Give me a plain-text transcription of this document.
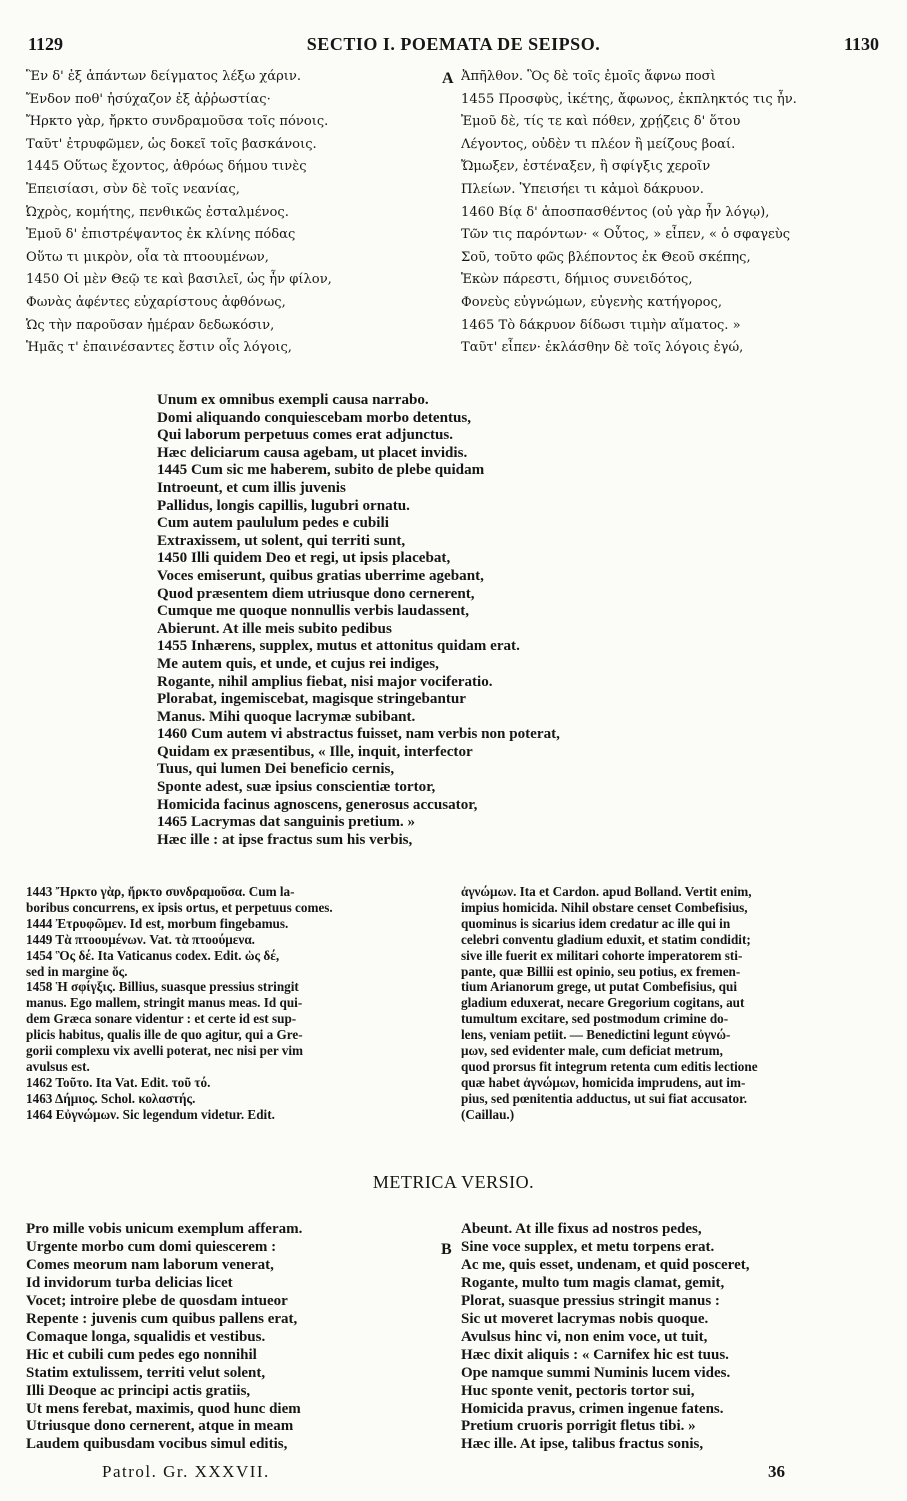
1129	SECTIO I. POEMATA DE SEIPSO.	1130
Ἓν δ' ἐξ ἁπάντων δείγματος λέξω χάριν.
Ἔνδον ποθ' ἡσύχαζον ἐξ ἀῤῥωστίας·
Ἤρκτο γὰρ, ἤρκτο συνδραμοῦσα τοῖς πόνοις.
Ταῦτ' ἐτρυφῶμεν, ὡς δοκεῖ τοῖς βασκάνοις.
1445 Οὕτως ἔχοντος, ἀθρόως δήμου τινὲς
Ἐπεισίασι, σὺν δὲ τοῖς νεανίας,
Ὠχρὸς, κομήτης, πενθικῶς ἐσταλμένος.
Ἐμοῦ δ' ἐπιστρέψαντος ἐκ κλίνης πόδας
Οὕτω τι μικρὸν, οἷα τὰ πτοουμένων,
1450 Οἱ μὲν Θεῷ τε καὶ βασιλεῖ, ὡς ἦν φίλον,
Φωνὰς ἀφέντες εὐχαρίστους ἀφθόνως,
Ὡς τὴν παροῦσαν ἡμέραν δεδωκόσιν,
Ἡμᾶς τ' ἐπαινέσαντες ἔστιν οἷς λόγοις,
A Ἀπῆλθον. Ὃς δὲ τοῖς ἐμοῖς ἄφνω ποσὶ
1455 Προσφὺς, ἱκέτης, ἄφωνος, ἐκπληκτός τις ἦν.
Ἐμοῦ δὲ, τίς τε καὶ πόθεν, χρῄζεις δ' ὅτου
Λέγοντος, οὐδὲν τι πλέον ἢ μείζους βοαί.
Ὤμωξεν, ἐστέναξεν, ἢ σφίγξις χεροῖν
Πλείων. Ὑπεισήει τι κἀμοὶ δάκρυον.
1460 Βίᾳ δ' ἀποσπασθέντος (οὐ γὰρ ἦν λόγῳ),
Τῶν τις παρόντων· « Οὗτος, » εἶπεν, « ὁ σφαγεὺς
Σοῦ, τοῦτο φῶς βλέποντος ἐκ Θεοῦ σκέπης,
Ἑκὼν πάρεστι, δήμιος συνειδότος,
Φονεὺς εὐγνώμων, εὐγενὴς κατήγορος,
1465 Τὸ δάκρυον δίδωσι τιμὴν αἵματος. »
Ταῦτ' εἶπεν· ἐκλάσθην δὲ τοῖς λόγοις ἐγώ,
Unum ex omnibus exempli causa narrabo.
Domi aliquando conquiescebam morbo detentus,
Qui laborum perpetuus comes erat adjunctus.
Hæc deliciarum causa agebam, ut placet invidis.
1445 Cum sic me haberem, subito de plebe quidam
Introeunt, et cum illis juvenis
Pallidus, longis capillis, lugubri ornatu.
Cum autem paululum pedes e cubili
Extraxissem, ut solent, qui territi sunt,
1450 Illi quidem Deo et regi, ut ipsis placebat,
Voces emiserunt, quibus gratias uberrime agebant,
Quod præsentem diem utriusque dono cernerent,
Cumque me quoque nonnullis verbis laudassent,
Abierunt. At ille meis subito pedibus
1455 Inhærens, supplex, mutus et attonitus quidam erat.
Me autem quis, et unde, et cujus rei indiges,
Rogante, nihil amplius fiebat, nisi major vociferatio.
Plorabat, ingemiscebat, magisque stringebantur
Manus. Mihi quoque lacrymæ subibant.
1460 Cum autem vi abstractus fuisset, nam verbis non poterat,
Quidam ex præsentibus, « Ille, inquit, interfector
Tuus, qui lumen Dei beneficio cernis,
Sponte adest, suæ ipsius conscientiæ tortor,
Homicida facinus agnoscens, generosus accusator,
1465 Lacrymas dat sanguinis pretium. »
Hæc ille : at ipse fractus sum his verbis,
1443 Ἤρκτο γὰρ, ἤρκτο συνδραμοῦσα. Cum la-
boribus concurrens, ex ipsis ortus, et perpetuus comes.
1444 Ἐτρυφῶμεν. Id est, morbum fingebamus.
1449 Τὰ πτοουμένων. Vat. τὰ πτοούμενα.
1454 Ὃς δέ. Ita Vaticanus codex. Edit. ὡς δέ,
sed in margine ὅς.
1458 Ἡ σφίγξις. Billius, suasque pressius stringit
manus. Ego mallem, stringit manus meas. Id qui-
dem Græca sonare videntur : et certe id est sup-
plicis habitus, qualis ille de quo agitur, qui a Gre-
gorii complexu vix avelli poterat, nec nisi per vim
avulsus est.
1462 Τοῦτο. Ita Vat. Edit. τοῦ τό.
1463 Δήμιος. Schol. κολαστής.
1464 Εὐγνώμων. Sic legendum videtur. Edit.
ἀγνώμων. Ita et Cardon. apud Bolland. Vertit enim,
impius homicida. Nihil obstare censet Combefisius,
quominus is sicarius idem credatur ac ille qui in
celebri conventu gladium eduxit, et statim condidit;
sive ille fuerit ex militari cohorte imperatorem sti-
pante, quæ Billii est opinio, seu potius, ex fremen-
tium Arianorum grege, ut putat Combefisius, qui
gladium eduxerat, necare Gregorium cogitans, aut
tumultum excitare, sed postmodum crimine do-
lens, veniam petiit. — Benedictini legunt εὐγνώ-
μων, sed evidenter male, cum deficiat metrum,
quod prorsus fit integrum retenta cum editis lectione
quæ habet ἀγνώμων, homicida imprudens, aut im-
pius, sed pœnitentia adductus, ut sui fiat accusator.
(Caillau.)
METRICA VERSIO.
Pro mille vobis unicum exemplum afferam.
Urgente morbo cum domi quiescerem :
Comes meorum nam laborum venerat,
Id invidorum turba delicias licet
Vocet; introire plebe de quosdam intueor
Repente : juvenis cum quibus pallens erat,
Comaque longa, squalidis et vestibus.
Hic et cubili cum pedes ego nonnihil
Statim extulissem, territi velut solent,
Illi Deoque ac principi actis gratiis,
Ut mens ferebat, maximis, quod hunc diem
Utriusque dono cernerent, atque in meam
Laudem quibusdam vocibus simul editis,
B
Abeunt. At ille fixus ad nostros pedes,
Sine voce supplex, et metu torpens erat.
Ac me, quis esset, undenam, et quid posceret,
Rogante, multo tum magis clamat, gemit,
Plorat, suasque pressius stringit manus :
Sic ut moveret lacrymas nobis quoque.
Avulsus hinc vi, non enim voce, ut tuit,
Hæc dixit aliquis : « Carnifex hic est tuus.
Ope namque summi Numinis lucem vides.
Huc sponte venit, pectoris tortor sui,
Homicida pravus, crimen ingenue fatens.
Pretium cruoris porrigit fletus tibi. »
Hæc ille. At ipse, talibus fractus sonis,
Patrol. Gr. XXXVII.	36
